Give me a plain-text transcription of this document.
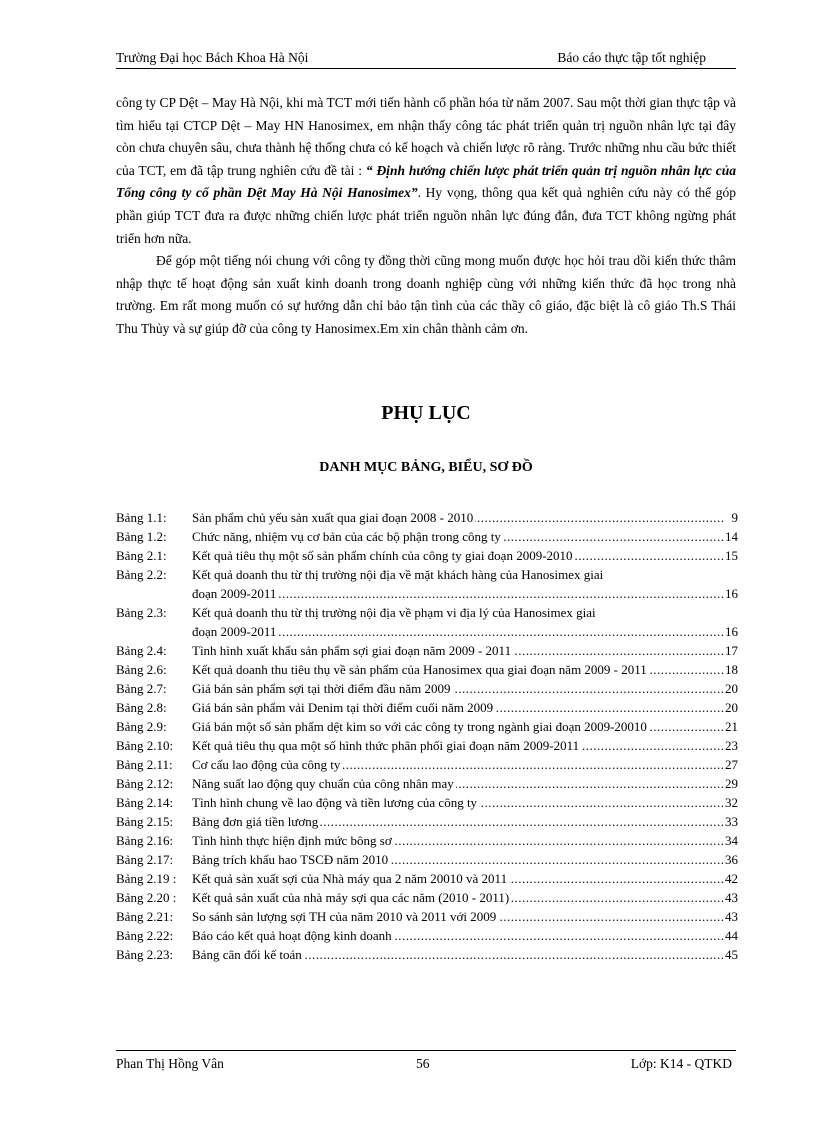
Trường Đại học Bách Khoa Hà Nội	Báo cáo thực tập tốt nghiệp

công ty CP Dệt – May Hà Nội, khi mà TCT mới tiến hành cổ phần hóa từ năm 2007. Sau một thời gian thực tập và tìm hiểu tại CTCP Dệt – May HN Hanosimex, em nhận thấy công tác phát triển quản trị nguồn nhân lực tại đây còn chưa chuyên sâu, chưa thành hệ thống chưa có kế hoạch và chiến lược rõ ràng. Trước những nhu cầu bức thiết của TCT, em đã tập trung nghiên cứu đề tài : “ Định hướng chiến lược phát triển quản trị nguồn nhân lực của Tổng công ty cổ phần Dệt May Hà Nội Hanosimex”. Hy vọng, thông qua kết quả nghiên cứu này có thể góp phần giúp TCT đưa ra được những chiến lược phát triển nguồn nhân lực đúng đắn, đưa TCT không ngừng phát triển hơn nữa.

Để góp một tiếng nói chung với công ty đồng thời cũng mong muốn được học hỏi trau dồi kiến thức thâm nhập thực tế hoạt động sản xuất kinh doanh trong doanh nghiệp cùng với những kiến thức đã học trong nhà trường. Em rất mong muốn có sự hướng dẫn chỉ bảo tận tình của các thầy cô giáo, đặc biệt là cô giáo Th.S Thái Thu Thủy và sự giúp đỡ của công ty Hanosimex.Em xin chân thành cảm ơn.

PHỤ LỤC
DANH MỤC BẢNG, BIỂU, SƠ ĐỒ
Bảng 1.1:	Sản phẩm chủ yếu sản xuất qua giai đoạn 2008 - 2010 .....	9
Bảng 1.2:	Chức năng, nhiệm vụ cơ bản của các bộ phận trong công ty .....	14
Bảng 2.1:	Kết quả tiêu thụ một số sản phẩm chính của công ty giai đoạn 2009-2010 .....	15
Bảng 2.2:	Kết quả doanh thu từ thị trường nội địa về mặt khách hàng của Hanosimex giai
đoạn 2009-2011 .....	16
Bảng 2.3:	Kết quả doanh thu từ thị trường nội địa về phạm vi địa lý của Hanosimex giai
đoạn 2009-2011 .....	16
Bảng 2.4:	Tình hình xuất khẩu sản phẩm sợi giai đoạn năm 2009 - 2011 .....	17
Bảng 2.6:	Kết quả doanh thu tiêu thụ về sản phẩm của Hanosimex qua giai đoạn năm 2009 - 2011 .....	18
Bảng 2.7:	Giá bán sản phẩm sợi tại thời điểm đầu năm 2009 .....	20
Bảng 2.8:	Giá bán sản phẩm vải Denim tại thời điểm cuối năm 2009 .....	20
Bảng 2.9:	Giá bán một số sản phẩm dệt kim so với các công ty trong ngành giai đoạn 2009-20010 .....	21
Bảng 2.10:	Kết quả tiêu thụ qua một số hình thức phân phối giai đoạn năm 2009-2011 .....	23
Bảng 2.11:	Cơ cấu lao động của công ty .....	27
Bảng 2.12:	Năng suất lao động quy chuẩn của công nhân may .....	29
Bảng 2.14:	Tình hình chung về lao động và tiền lương của công ty .....	32
Bảng 2.15:	Bảng đơn giá tiền lương .....	33
Bảng 2.16:	Tình hình thực hiện định mức bông sơ .....	34
Bảng 2.17:	Bảng trích khấu hao TSCĐ năm 2010 .....	36
Bảng 2.19 :	Kết quả sản xuất sợi của Nhà máy qua 2 năm 20010 và 2011 .....	42
Bảng 2.20 :	Kết quả sản xuất của nhà máy sợi qua các năm (2010 - 2011) .....	43
Bảng 2.21:	So sánh sản lượng sợi TH của năm 2010 và 2011 với 2009 .....	43
Bảng 2.22:	Báo cáo kết quả hoạt động kinh doanh .....	44
Bảng 2.23:	Bảng cân đối kế toán .....	45
Phan Thị Hồng Vân	56	Lớp: K14 - QTKD
